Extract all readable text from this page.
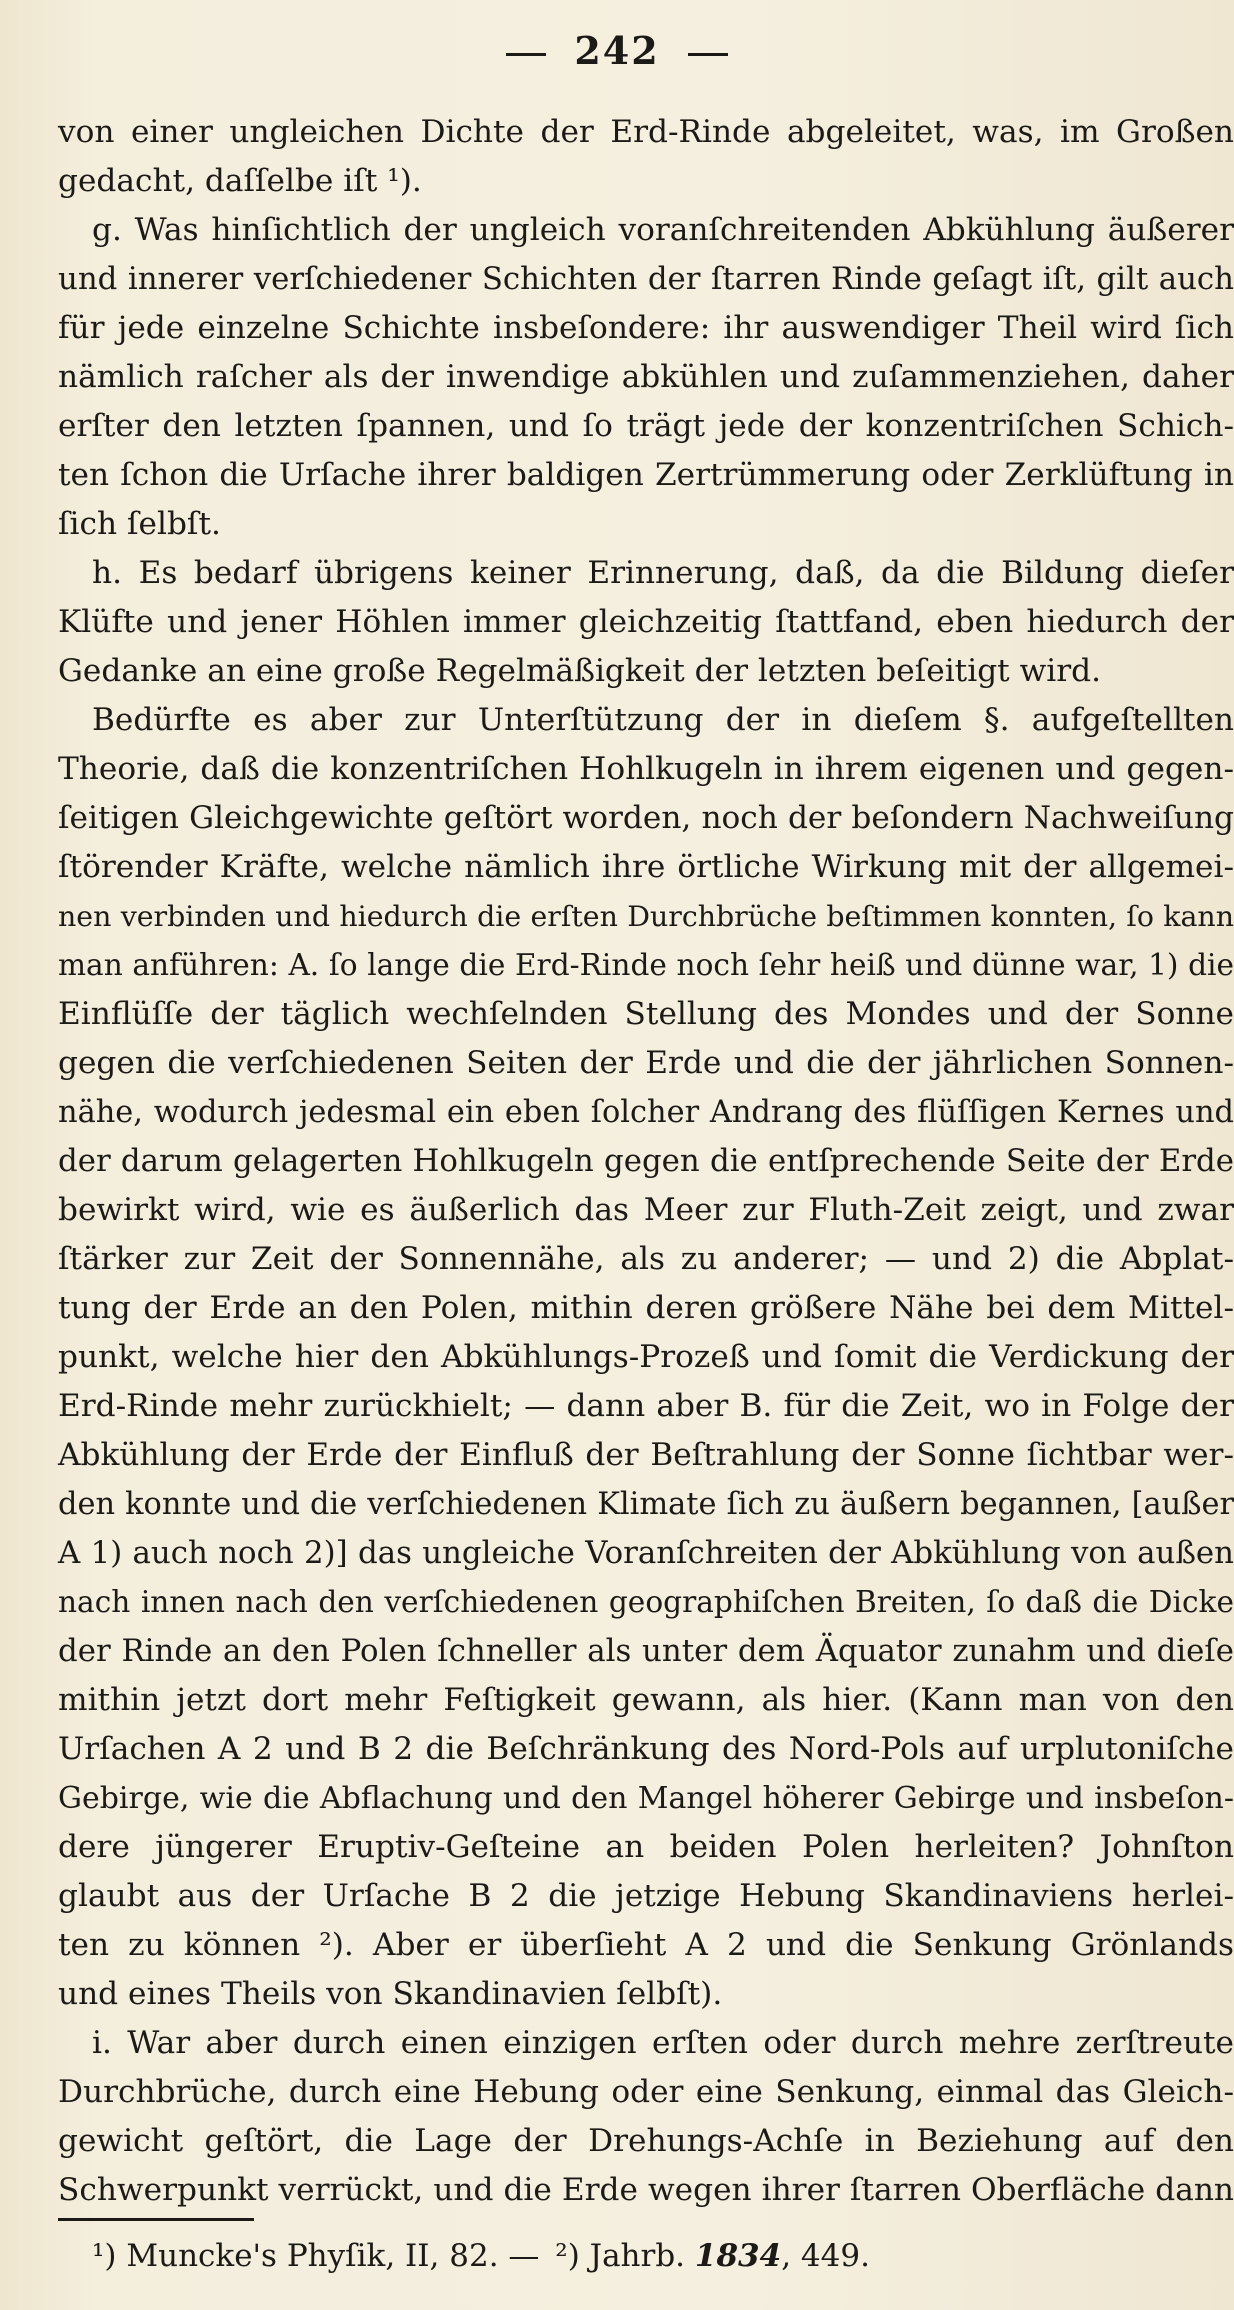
242
von einer ungleichen Dichte der Erd-Rinde abgeleitet, was, im Großen
gedacht, daſſelbe iſt ¹).
g. Was hinſichtlich der ungleich voranſchreitenden Abkühlung äußerer
und innerer verſchiedener Schichten der ſtarren Rinde geſagt iſt, gilt auch
für jede einzelne Schichte insbeſondere: ihr auswendiger Theil wird ſich
nämlich raſcher als der inwendige abkühlen und zuſammenziehen, daher
erſter den letzten ſpannen, und ſo trägt jede der konzentriſchen Schich-
ten ſchon die Urſache ihrer baldigen Zertrümmerung oder Zerklüftung in
ſich ſelbſt.
h. Es bedarf übrigens keiner Erinnerung, daß, da die Bildung dieſer
Klüfte und jener Höhlen immer gleichzeitig ſtattfand, eben hiedurch der
Gedanke an eine große Regelmäßigkeit der letzten beſeitigt wird.
Bedürfte es aber zur Unterſtützung der in dieſem §. aufgeſtellten
Theorie, daß die konzentriſchen Hohlkugeln in ihrem eigenen und gegen-
ſeitigen Gleichgewichte geſtört worden, noch der beſondern Nachweiſung
ſtörender Kräfte, welche nämlich ihre örtliche Wirkung mit der allgemei-
nen verbinden und hiedurch die erſten Durchbrüche beſtimmen konnten, ſo kann
man anführen: A. ſo lange die Erd-Rinde noch ſehr heiß und dünne war, 1) die
Einflüſſe der täglich wechſelnden Stellung des Mondes und der Sonne
gegen die verſchiedenen Seiten der Erde und die der jährlichen Sonnen-
nähe, wodurch jedesmal ein eben ſolcher Andrang des flüſſigen Kernes und
der darum gelagerten Hohlkugeln gegen die entſprechende Seite der Erde
bewirkt wird, wie es äußerlich das Meer zur Fluth-Zeit zeigt, und zwar
ſtärker zur Zeit der Sonnennähe, als zu anderer; — und 2) die Abplat-
tung der Erde an den Polen, mithin deren größere Nähe bei dem Mittel-
punkt, welche hier den Abkühlungs-Prozeß und ſomit die Verdickung der
Erd-Rinde mehr zurückhielt; — dann aber B. für die Zeit, wo in Folge der
Abkühlung der Erde der Einfluß der Beſtrahlung der Sonne ſichtbar wer-
den konnte und die verſchiedenen Klimate ſich zu äußern begannen, [außer
A 1) auch noch 2)] das ungleiche Voranſchreiten der Abkühlung von außen
nach innen nach den verſchiedenen geographiſchen Breiten, ſo daß die Dicke
der Rinde an den Polen ſchneller als unter dem Äquator zunahm und dieſe
mithin jetzt dort mehr Feſtigkeit gewann, als hier. (Kann man von den
Urſachen A 2 und B 2 die Beſchränkung des Nord-Pols auf urplutoniſche
Gebirge, wie die Abflachung und den Mangel höherer Gebirge und insbeſon-
dere jüngerer Eruptiv-Geſteine an beiden Polen herleiten? Johnſton
glaubt aus der Urſache B 2 die jetzige Hebung Skandinaviens herlei-
ten zu können ²). Aber er überſieht A 2 und die Senkung Grönlands
und eines Theils von Skandinavien ſelbſt).
i. War aber durch einen einzigen erſten oder durch mehre zerſtreute
Durchbrüche, durch eine Hebung oder eine Senkung, einmal das Gleich-
gewicht geſtört, die Lage der Drehungs-Achſe in Beziehung auf den
Schwerpunkt verrückt, und die Erde wegen ihrer ſtarren Oberfläche dann
¹) Muncke's Phyſik, II, 82. — ²) Jahrb. 1834, 449.
